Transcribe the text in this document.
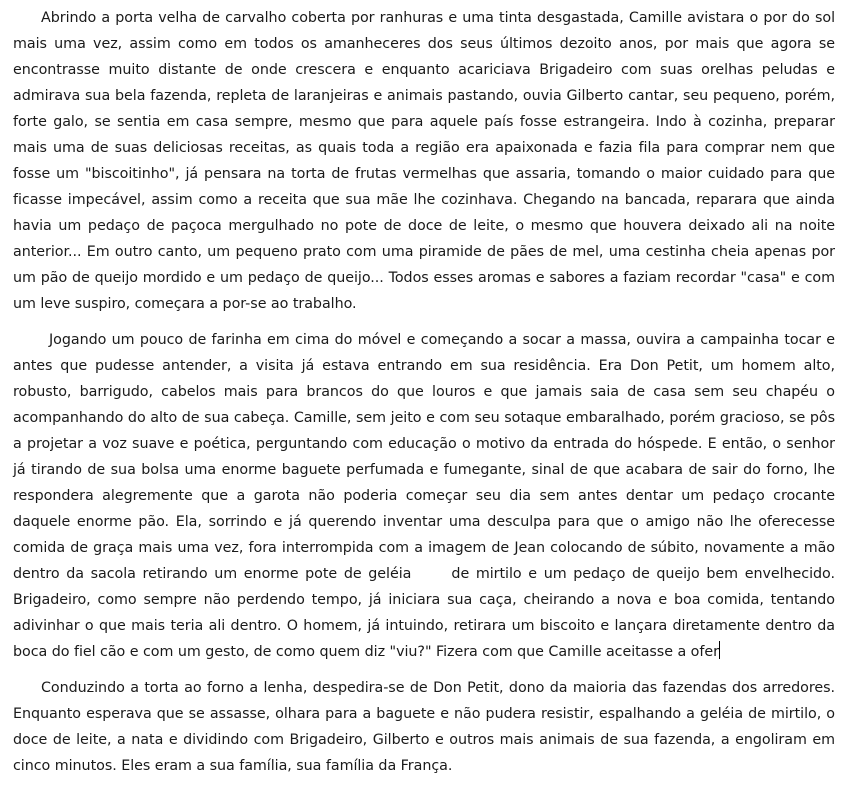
Abrindo a porta velha de carvalho coberta por ranhuras e uma tinta desgastada, Camille avistara o por do sol mais uma vez, assim como em todos os amanheceres dos seus últimos dezoito anos, por mais que agora se encontrasse muito distante de onde crescera e enquanto acariciava Brigadeiro com suas orelhas peludas e admirava sua bela fazenda, repleta de laranjeiras e animais pastando, ouvia Gilberto cantar, seu pequeno, porém, forte galo, se sentia em casa sempre, mesmo que para aquele país fosse estrangeira. Indo à cozinha, preparar mais uma de suas deliciosas receitas, as quais toda a região era apaixonada e fazia fila para comprar nem que fosse um "biscoitinho", já pensara na torta de frutas vermelhas que assaria, tomando o maior cuidado para que ficasse impecável, assim como a receita que sua mãe lhe cozinhava. Chegando na bancada, reparara que ainda havia um pedaço de paçoca mergulhado no pote de doce de leite, o mesmo que houvera deixado ali na noite anterior... Em outro canto, um pequeno prato com uma piramide de pães de mel, uma cestinha cheia apenas por um pão de queijo mordido e um pedaço de queijo... Todos esses aromas e sabores a faziam recordar "casa" e com um leve suspiro, começara a por-se ao trabalho.

Jogando um pouco de farinha em cima do móvel e começando a socar a massa, ouvira a campainha tocar e antes que pudesse antender, a visita já estava entrando em sua residência. Era Don Petit, um homem alto, robusto, barrigudo, cabelos mais para brancos do que louros e que jamais saia de casa sem seu chapéu o acompanhando do alto de sua cabeça. Camille, sem jeito e com seu sotaque embaralhado, porém gracioso, se pôs a projetar a voz suave e poética, perguntando com educação o motivo da entrada do hóspede. E então, o senhor já tirando de sua bolsa uma enorme baguete perfumada e fumegante, sinal de que acabara de sair do forno, lhe respondera alegremente que a garota não poderia começar seu dia sem antes dentar um pedaço crocante daquele enorme pão. Ela, sorrindo e já querendo inventar uma desculpa para que o amigo não lhe oferecesse comida de graça mais uma vez, fora interrompida com a imagem de Jean colocando de súbito, novamente a mão dentro da sacola retirando um enorme pote de geléia	de mirtilo e um pedaço de queijo bem envelhecido. Brigadeiro, como sempre não perdendo tempo, já iniciara sua caça, cheirando a nova e boa comida, tentando adivinhar o que mais teria ali dentro. O homem, já intuindo, retirara um biscoito e lançara diretamente dentro da boca do fiel cão e com um gesto, de como quem diz "viu?" Fizera com que Camille aceitasse a ofer

Conduzindo a torta ao forno a lenha, despedira-se de Don Petit, dono da maioria das fazendas dos arredores. Enquanto esperava que se assasse, olhara para a baguete e não pudera resistir, espalhando a geléia de mirtilo, o doce de leite, a nata e dividindo com Brigadeiro, Gilberto e outros mais animais de sua fazenda, a engoliram em cinco minutos. Eles eram a sua família, sua família da França.
